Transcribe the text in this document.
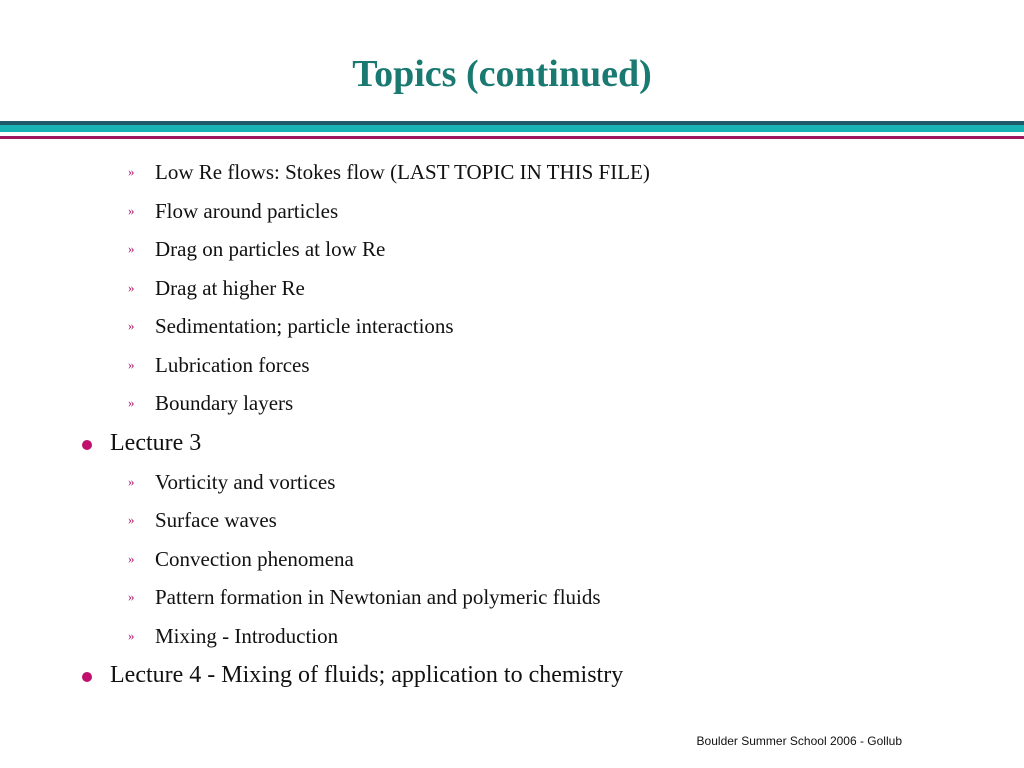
Topics (continued)
» Low Re flows: Stokes flow (LAST TOPIC IN THIS FILE)
» Flow around particles
» Drag on particles at low Re
» Drag at higher Re
» Sedimentation; particle interactions
» Lubrication forces
» Boundary layers
Lecture 3
» Vorticity and vortices
» Surface waves
» Convection phenomena
» Pattern formation in Newtonian and polymeric fluids
» Mixing - Introduction
Lecture 4 - Mixing of fluids; application to chemistry
Boulder Summer School 2006 - Gollub
